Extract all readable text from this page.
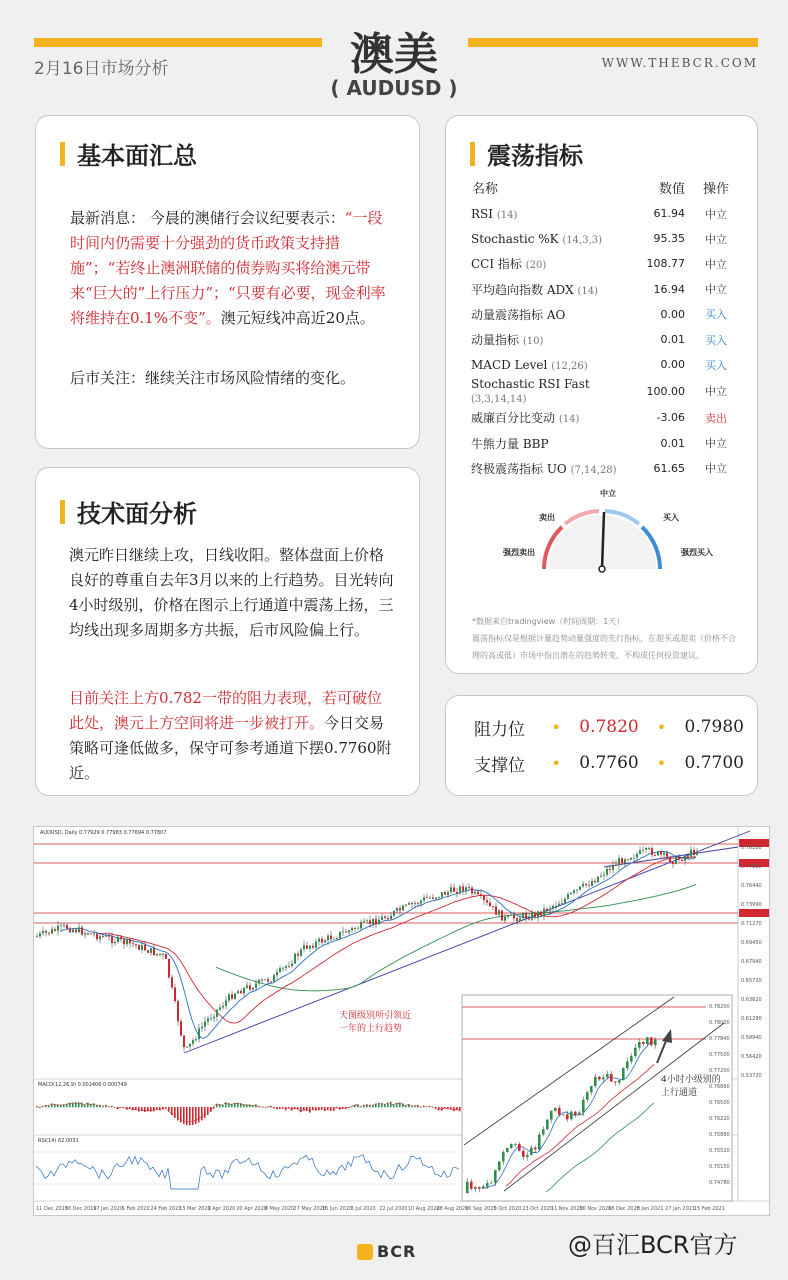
澳美
( AUDUSD )
2月16日市场分析	WWW.THEBCR.COM
基本面汇总
最新消息： 今晨的澳储行会议纪要表示：“一段时间内仍需要十分强劲的货币政策支持措施”；“若终止澳洲联储的债券购买将给澳元带来“巨大的”上行压力”；“只要有必要，现金利率将维持在0.1%不变”。澳元短线冲高近20点。
后市关注：继续关注市场风险情绪的变化。
技术面分析
澳元昨日继续上攻，日线收阳。整体盘面上价格良好的尊重自去年3月以来的上行趋势。目光转向4小时级别，价格在图示上行通道中震荡上扬，三均线出现多周期多方共振，后市风险偏上行。
目前关注上方0.782一带的阻力表现，若可破位此处，澳元上方空间将进一步被打开。今日交易策略可逢低做多，保守可参考通道下摆0.7760附近。
震荡指标
名称	数值	操作
RSI (14)	61.94	中立
Stochastic %K (14,3,3)	95.35	中立
CCI 指标 (20)	108.77	中立
平均趋向指数 ADX (14)	16.94	中立
动量震荡指标 AO	0.00	买入
动量指标 (10)	0.01	买入
MACD Level (12,26)	0.00	买入
Stochastic RSI Fast (3,3,14,14)	100.00	中立
威廉百分比变动 (14)	-3.06	卖出
牛熊力量 BBP	0.01	中立
终极震荡指标 UO (7,14,28)	61.65	中立
中立
卖出	买入
强烈卖出	强烈买入
*数据来自tradingview（时间周期：1天）
震荡指标仅是根据计量趋势动量强度的先行指标，在超买或超卖（价格不合
理的高或低）市场中指出潜在的趋势转变，不构成任何投资建议。
阻力位	•	0.7820	•	0.7980
支撑位	•	0.7760	•	0.7700
0.78280
0.77800
0.76440
0.73990
0.71270
0.69450
0.67940
0.65720
0.63620
0.61290
0.58940
0.56420
0.53720
11 Dec 2019
30 Dec 2019
17 Jan 2020
5 Feb 2020 24 Feb 2020
13 Mar 2020
1 Apr 2020 20 Apr 2020
8 May 2020 27 May 2020
15 Jun 2020
3 Jul 2020 22 Jul 2020 10 Aug 2020
28 Aug 2020
16 Sep 2020
5 Oct 2020 23 Oct 2020
11 Nov 2020
30 Nov 2020
18 Dec 2020
8 Jan 2021 27 Jan 2021
15 Feb 2021
0.78200
0.78000
0.77840
0.77500
0.77200
0.76860
0.76500
0.76220
0.75880
0.75520
0.75150
0.74780
AUDUSD, Daily 0.77929 0.77983 0.77694 0.77807
MACD(12,26,9) 0.002406 0.000749
RSI(14) 62.0031
天图级别所引领近一年的上行趋势
4小时小级别的上行通道
BCR	@百汇BCR官方
